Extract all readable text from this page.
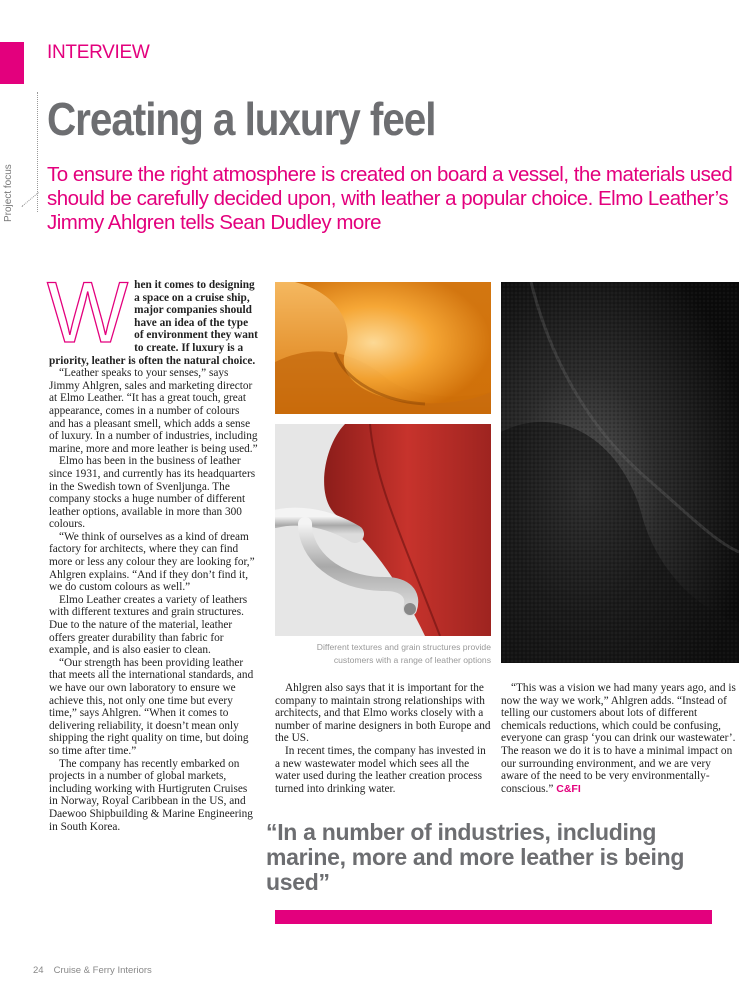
INTERVIEW
Project focus
Creating a luxury feel

To ensure the right atmosphere is created on board a vessel, the materials used should be carefully decided upon, with leather a popular choice. Elmo Leather’s Jimmy Ahlgren tells Sean Dudley more

W hen it comes to designing a space on a cruise ship, major companies should have an idea of the type of environment they want to create. If luxury is a priority, leather is often the natural choice.

“Leather speaks to your senses,” says Jimmy Ahlgren, sales and marketing director at Elmo Leather. “It has a great touch, great appearance, comes in a number of colours and has a pleasant smell, which adds a sense of luxury. In a number of industries, including marine, more and more leather is being used.”

Elmo has been in the business of leather since 1931, and currently has its headquarters in the Swedish town of Svenljunga. The company stocks a huge number of different leather options, available in more than 300 colours.

“We think of ourselves as a kind of dream factory for architects, where they can find more or less any colour they are looking for,” Ahlgren explains. “And if they don’t find it, we do custom colours as well.”

Elmo Leather creates a variety of leathers with different textures and grain structures. Due to the nature of the material, leather offers greater durability than fabric for example, and is also easier to clean.

“Our strength has been providing leather that meets all the international standards, and we have our own laboratory to ensure we achieve this, not only one time but every time,” says Ahlgren. “When it comes to delivering reliability, it doesn’t mean only shipping the right quality on time, but doing so time after time.”

The company has recently embarked on projects in a number of global markets, including working with Hurtigruten Cruises in Norway, Royal Caribbean in the US, and Daewoo Shipbuilding & Marine Engineering in South Korea.

Different textures and grain structures provide customers with a range of leather options

Ahlgren also says that it is important for the company to maintain strong relationships with architects, and that Elmo works closely with a number of marine designers in both Europe and the US.

In recent times, the company has invested in a new wastewater model which sees all the water used during the leather creation process turned into drinking water.

“This was a vision we had many years ago, and is now the way we work,” Ahlgren adds. “Instead of telling our customers about lots of different chemicals reductions, which could be confusing, everyone can grasp ‘you can drink our wastewater’. The reason we do it is to have a minimal impact on our surrounding environment, and we are very aware of the need to be very environmentally-conscious.” C&FI

“In a number of industries, including marine, more and more leather is being used”

24 Cruise & Ferry Interiors
